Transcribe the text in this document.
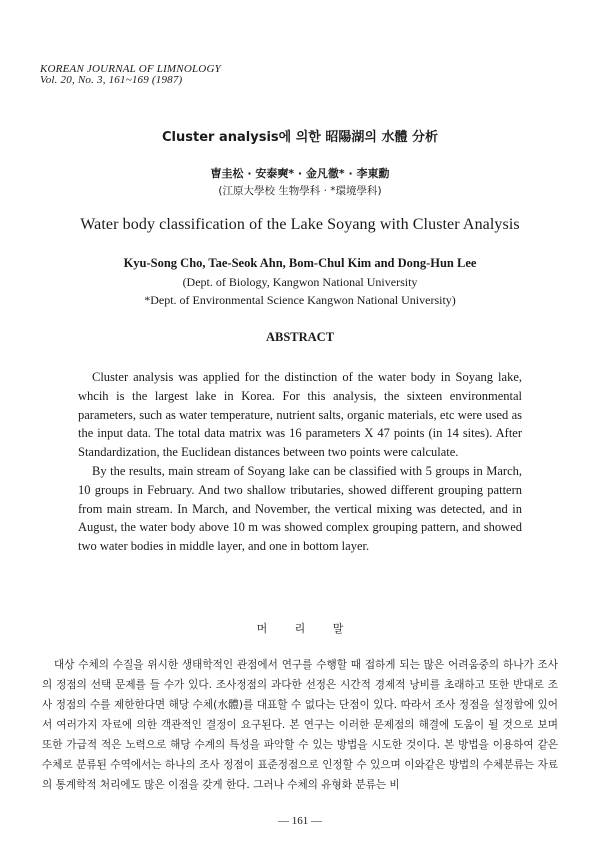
KOREAN JOURNAL OF LIMNOLOGY
Vol. 20, No. 3, 161~169 (1987)
Cluster analysis에 의한 昭陽湖의 水體 分析
曺圭松 · 安泰奭* · 金凡徹* · 李東勳
(江原大學校 生物學科 · *環境學科)
Water body classification of the Lake Soyang with Cluster Analysis
Kyu-Song Cho, Tae-Seok Ahn, Bom-Chul Kim and Dong-Hun Lee
(Dept. of Biology, Kangwon National University
*Dept. of Environmental Science Kangwon National University)
ABSTRACT

Cluster analysis was applied for the distinction of the water body in Soyang lake, whcih is the largest lake in Korea. For this analysis, the sixteen environmental parameters, such as water temperature, nutrient salts, organic materials, etc were used as the input data. The total data matrix was 16 parameters X 47 points (in 14 sites). After Standardization, the Euclidean distances between two points were calculate.

By the results, main stream of Soyang lake can be classified with 5 groups in March, 10 groups in February. And two shallow tributaries, showed different grouping pattern from main stream. In March, and November, the vertical mixing was detected, and in August, the water body above 10 m was showed complex grouping pattern, and showed two water bodies in middle layer, and one in bottom layer.

머 리 말

대상 수체의 수질을 위시한 생태학적인 관점에서 연구를 수행할 때 접하게 되는 많은 어려움중의 하나가 조사의 정점의 선택 문제를 들 수가 있다. 조사정점의 과다한 선정은 시간적 경제적 낭비를 초래하고 또한 반대로 조사 정점의 수를 제한한다면 해당 수체(水體)를 대표할 수 없다는 단점이 있다. 따라서 조사 정점을 설정함에 있어서 여러가지 자료에 의한 객관적인 결정이 요구된다. 본 연구는 이러한 문제점의 해결에 도움이 될 것으로 보며 또한 가급적 적은 노력으로 해당 수계의 특성을 파악할 수 있는 방법을 시도한 것이다. 본 방법을 이용하여 같은 수체로 분류된 수역에서는 하나의 조사 정점이 표준정점으로 인정할 수 있으며 이와같은 방법의 수체분류는 자료의 통계학적 처리에도 많은 이점을 갖게 한다. 그러나 수체의 유형화 분류는 비

— 161 —
